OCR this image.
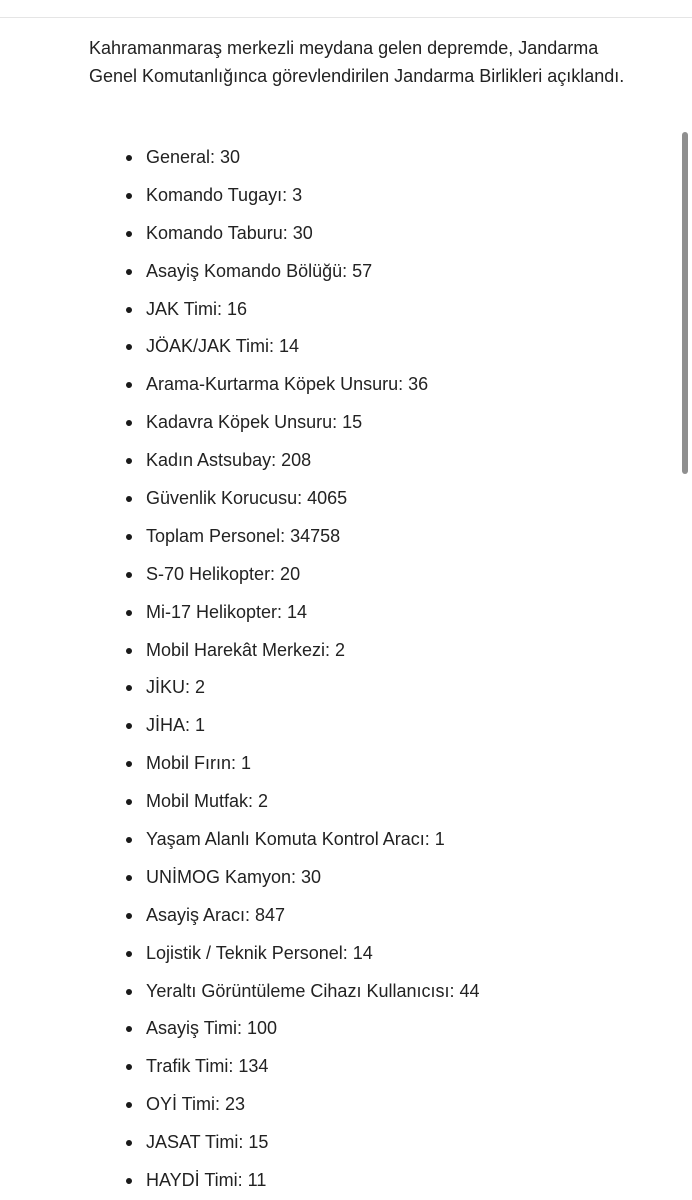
Kahramanmaraş merkezli meydana gelen depremde, Jandarma Genel Komutanlığınca görevlendirilen Jandarma Birlikleri açıklandı.

General: 30
Komando Tugayı: 3
Komando Taburu: 30
Asayiş Komando Bölüğü: 57
JAK Timi: 16
JÖAK/JAK Timi: 14
Arama-Kurtarma Köpek Unsuru: 36
Kadavra Köpek Unsuru: 15
Kadın Astsubay: 208
Güvenlik Korucusu: 4065
Toplam Personel: 34758
S-70 Helikopter: 20
Mi-17 Helikopter: 14
Mobil Harekât Merkezi: 2
JİKU: 2
JİHA: 1
Mobil Fırın: 1
Mobil Mutfak: 2
Yaşam Alanlı Komuta Kontrol Aracı: 1
UNİMOG Kamyon: 30
Asayiş Aracı: 847
Lojistik / Teknik Personel: 14
Yeraltı Görüntüleme Cihazı Kullanıcısı: 44
Asayiş Timi: 100
Trafik Timi: 134
OYİ Timi: 23
JASAT Timi: 15
HAYDİ Timi: 11
